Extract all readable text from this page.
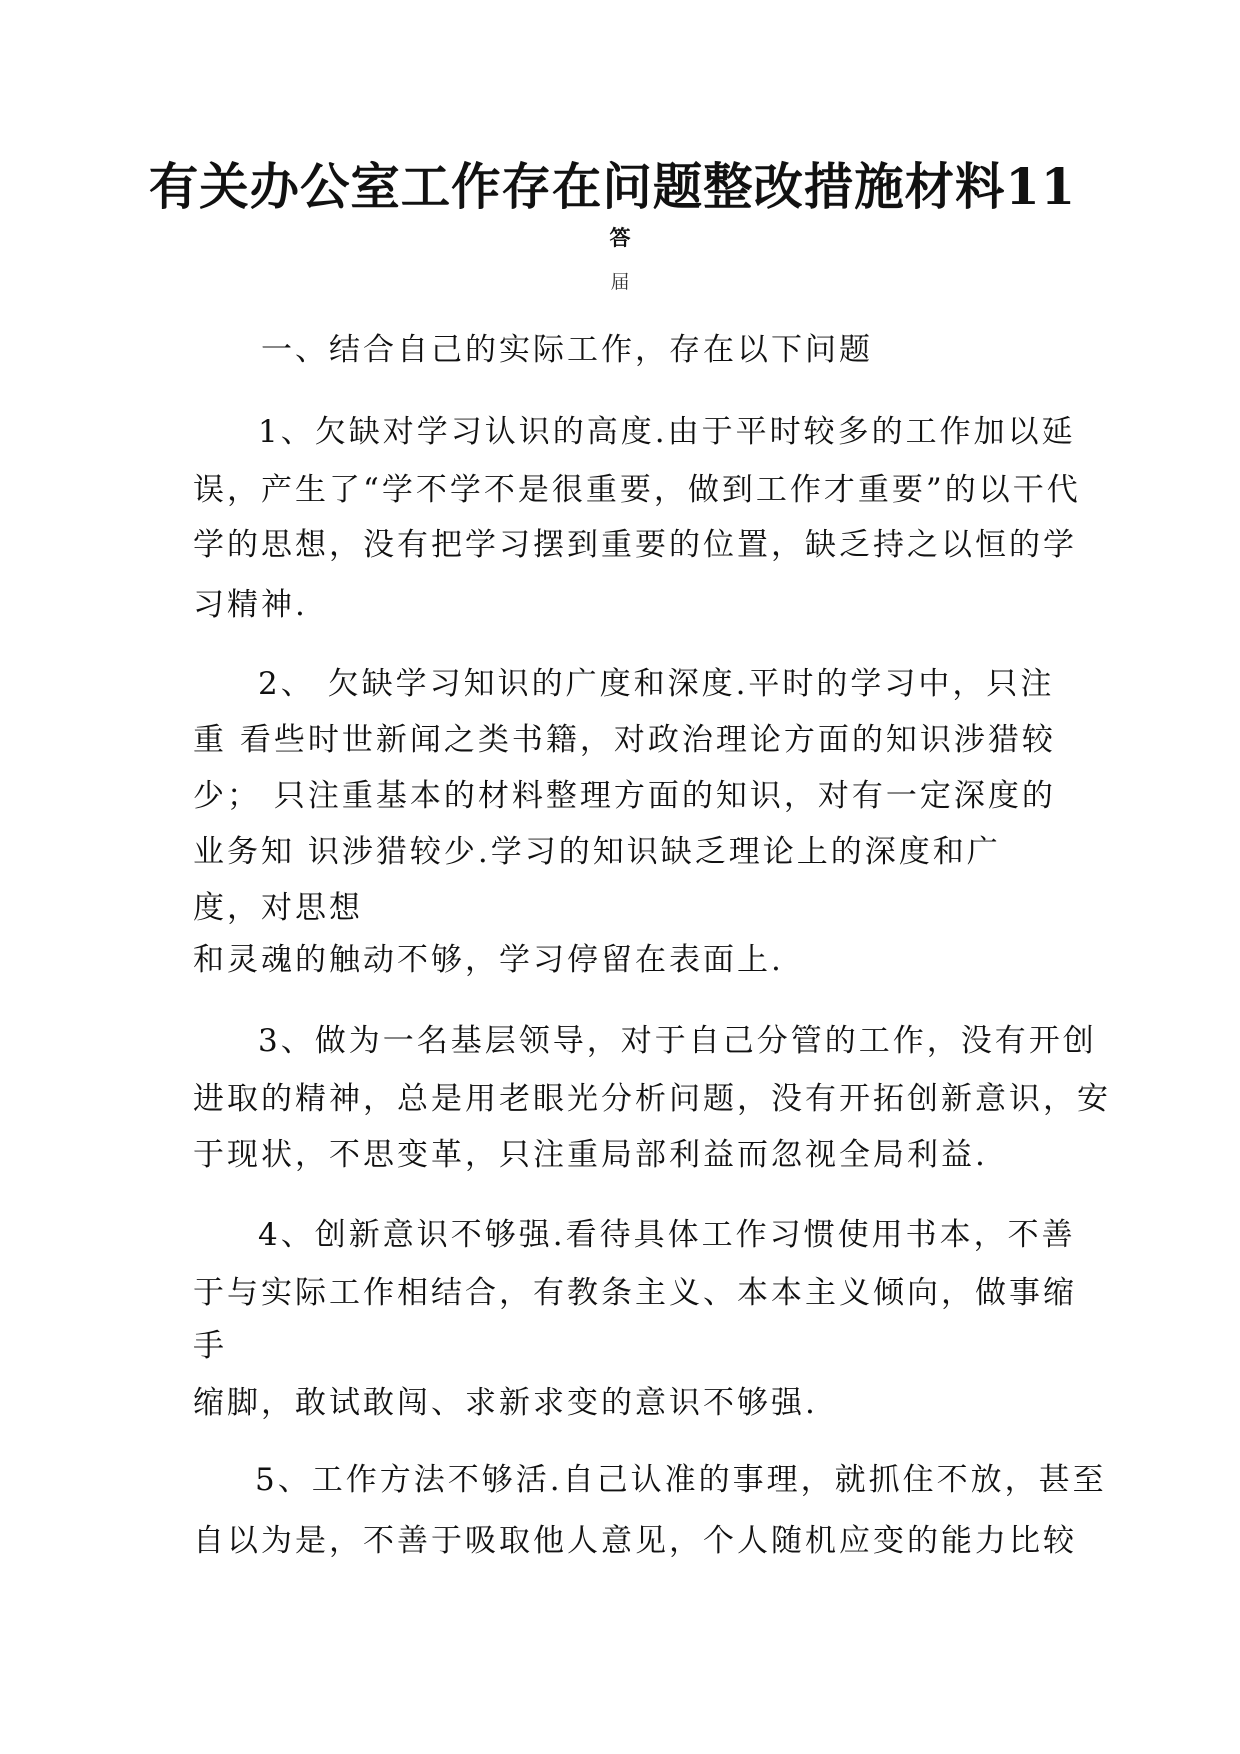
有关办公室工作存在问题整改措施材料11
答
届
一、结合自己的实际工作，存在以下问题
1、欠缺对学习认识的高度.由于平时较多的工作加以延
误，产生了“学不学不是很重要，做到工作才重要”的以干代
学的思想，没有把学习摆到重要的位置，缺乏持之以恒的学
习精神.
2、 欠缺学习知识的广度和深度.平时的学习中，只注
重 看些时世新闻之类书籍，对政治理论方面的知识涉猎较
少； 只注重基本的材料整理方面的知识，对有一定深度的
业务知 识涉猎较少.学习的知识缺乏理论上的深度和广
度，对思想
和灵魂的触动不够，学习停留在表面上.
3、做为一名基层领导，对于自己分管的工作，没有开创
进取的精神，总是用老眼光分析问题，没有开拓创新意识，安
于现状，不思变革，只注重局部利益而忽视全局利益.
4、创新意识不够强.看待具体工作习惯使用书本，不善
于与实际工作相结合，有教条主义、本本主义倾向，做事缩
手
缩脚，敢试敢闯、求新求变的意识不够强.
5、工作方法不够活.自己认准的事理，就抓住不放，甚至
自以为是，不善于吸取他人意见，个人随机应变的能力比较
